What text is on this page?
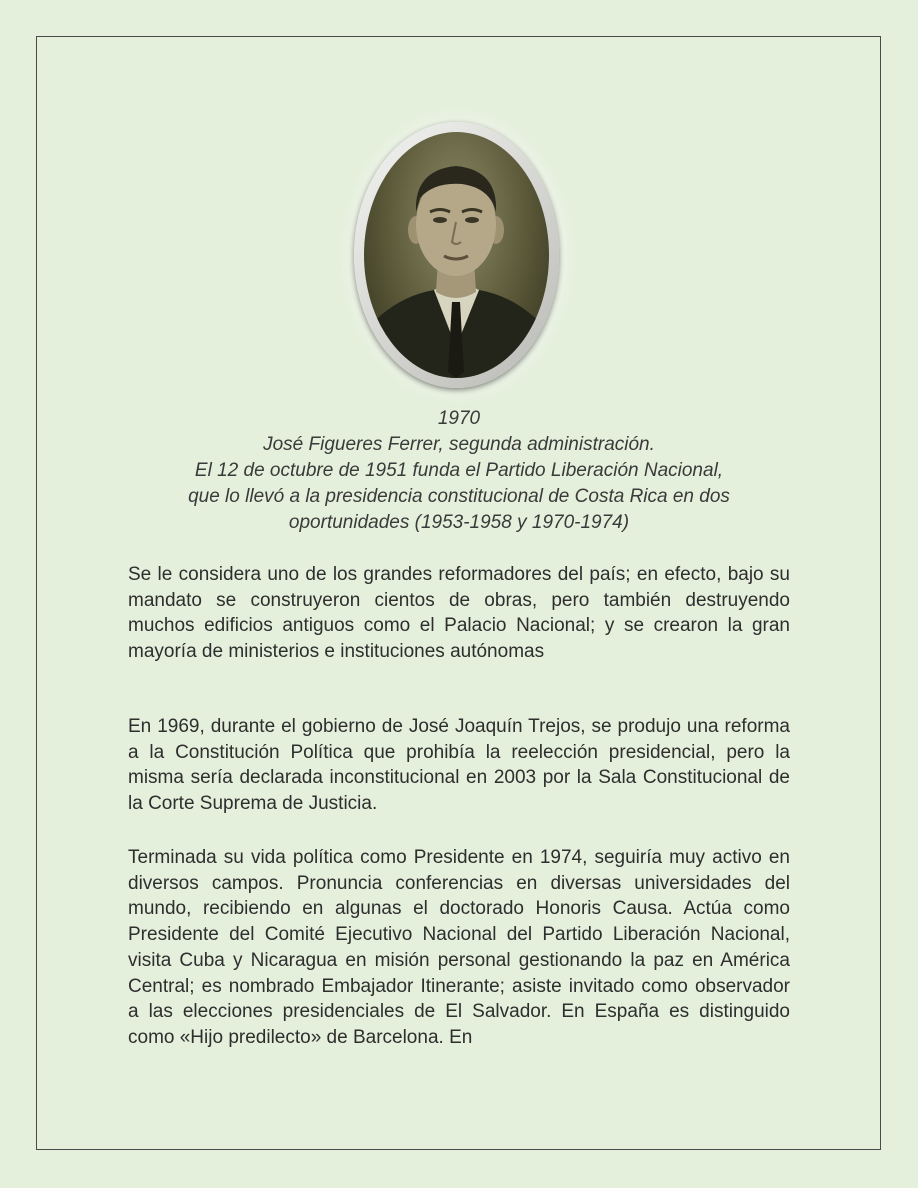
1970
José Figueres Ferrer, segunda administración.
El 12 de octubre de 1951 funda el Partido Liberación Nacional,
que lo llevó a la presidencia constitucional de Costa Rica en dos
oportunidades (1953-1958 y 1970-1974)
Se le considera uno de los grandes reformadores del país; en efecto, bajo su mandato se construyeron cientos de obras, pero también destruyendo muchos edificios antiguos como el Palacio Nacional; y se crearon la gran mayoría de ministerios e instituciones autónomas
En 1969, durante el gobierno de José Joaquín Trejos, se produjo una reforma a la Constitución Política que prohibía la reelección presidencial, pero la misma sería declarada inconstitucional en 2003 por la Sala Constitucional de la Corte Suprema de Justicia.
Terminada su vida política como Presidente en 1974, seguiría muy activo en diversos campos. Pronuncia conferencias en diversas universidades del mundo, recibiendo en algunas el doctorado Honoris Causa. Actúa como Presidente del Comité Ejecutivo Nacional del Partido Liberación Nacional, visita Cuba y Nicaragua en misión personal gestionando la paz en América Central; es nombrado Embajador Itinerante; asiste invitado como observador a las elecciones presidenciales de El Salvador. En España es distinguido como «Hijo predilecto» de Barcelona. En
